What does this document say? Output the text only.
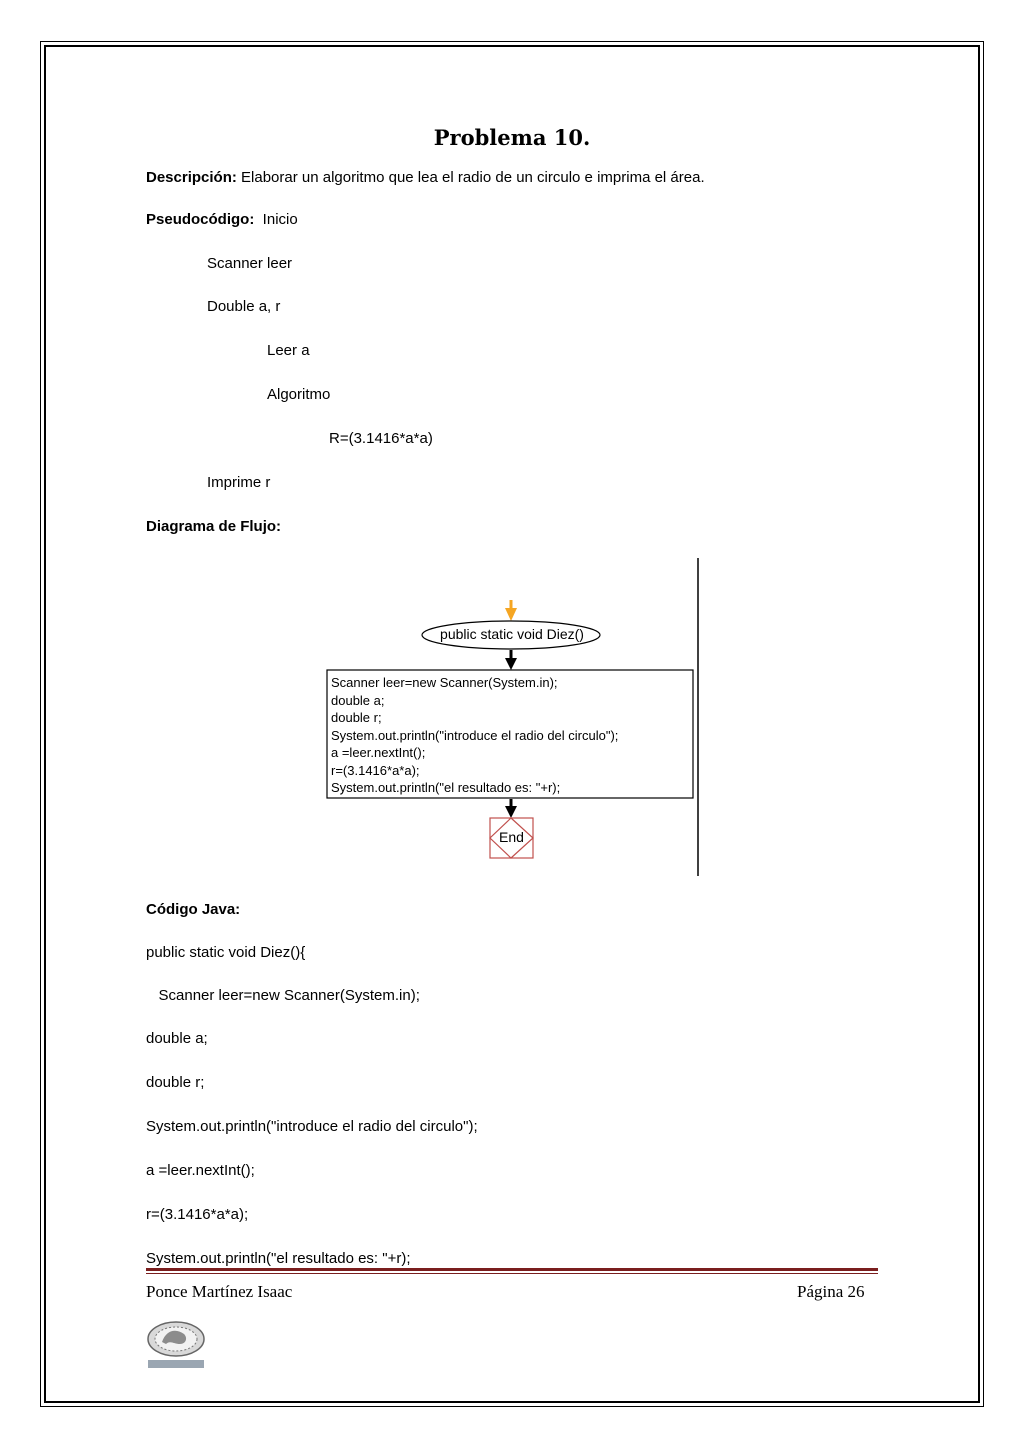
Problema 10.
Descripción: Elaborar un algoritmo que lea el radio de un circulo e imprima el área.
Pseudocódigo:  Inicio
Scanner leer
Double a, r
Leer a
Algoritmo
R=(3.1416*a*a)
Imprime r
Diagrama de Flujo:
public static void Diez()
Scanner leer=new Scanner(System.in);
double a;
double r;
System.out.println("introduce el radio del circulo");
a =leer.nextInt();
r=(3.1416*a*a);
System.out.println("el resultado es: "+r);
End
Código Java:
public static void Diez(){
Scanner leer=new Scanner(System.in);
double a;
double r;
System.out.println("introduce el radio del circulo");
a =leer.nextInt();
r=(3.1416*a*a);
System.out.println("el resultado es: "+r);
Ponce Martínez Isaac	Página 26
